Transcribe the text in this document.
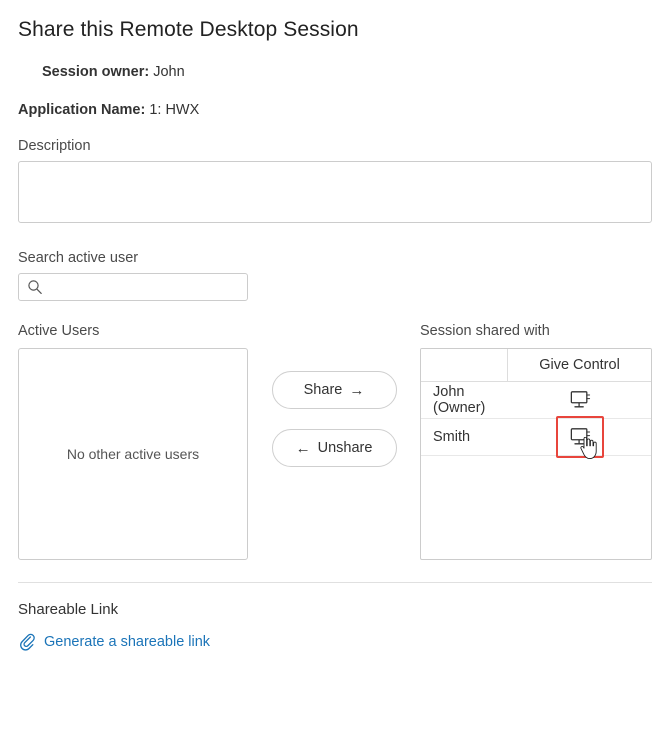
Share this Remote Desktop Session
Session owner: John
Application Name: 1: HWX
Description
Search active user
Active Users
No other active users
Share →
← Unshare
Session shared with
Give Control
John (Owner)
Smith
Shareable Link
Generate a shareable link
